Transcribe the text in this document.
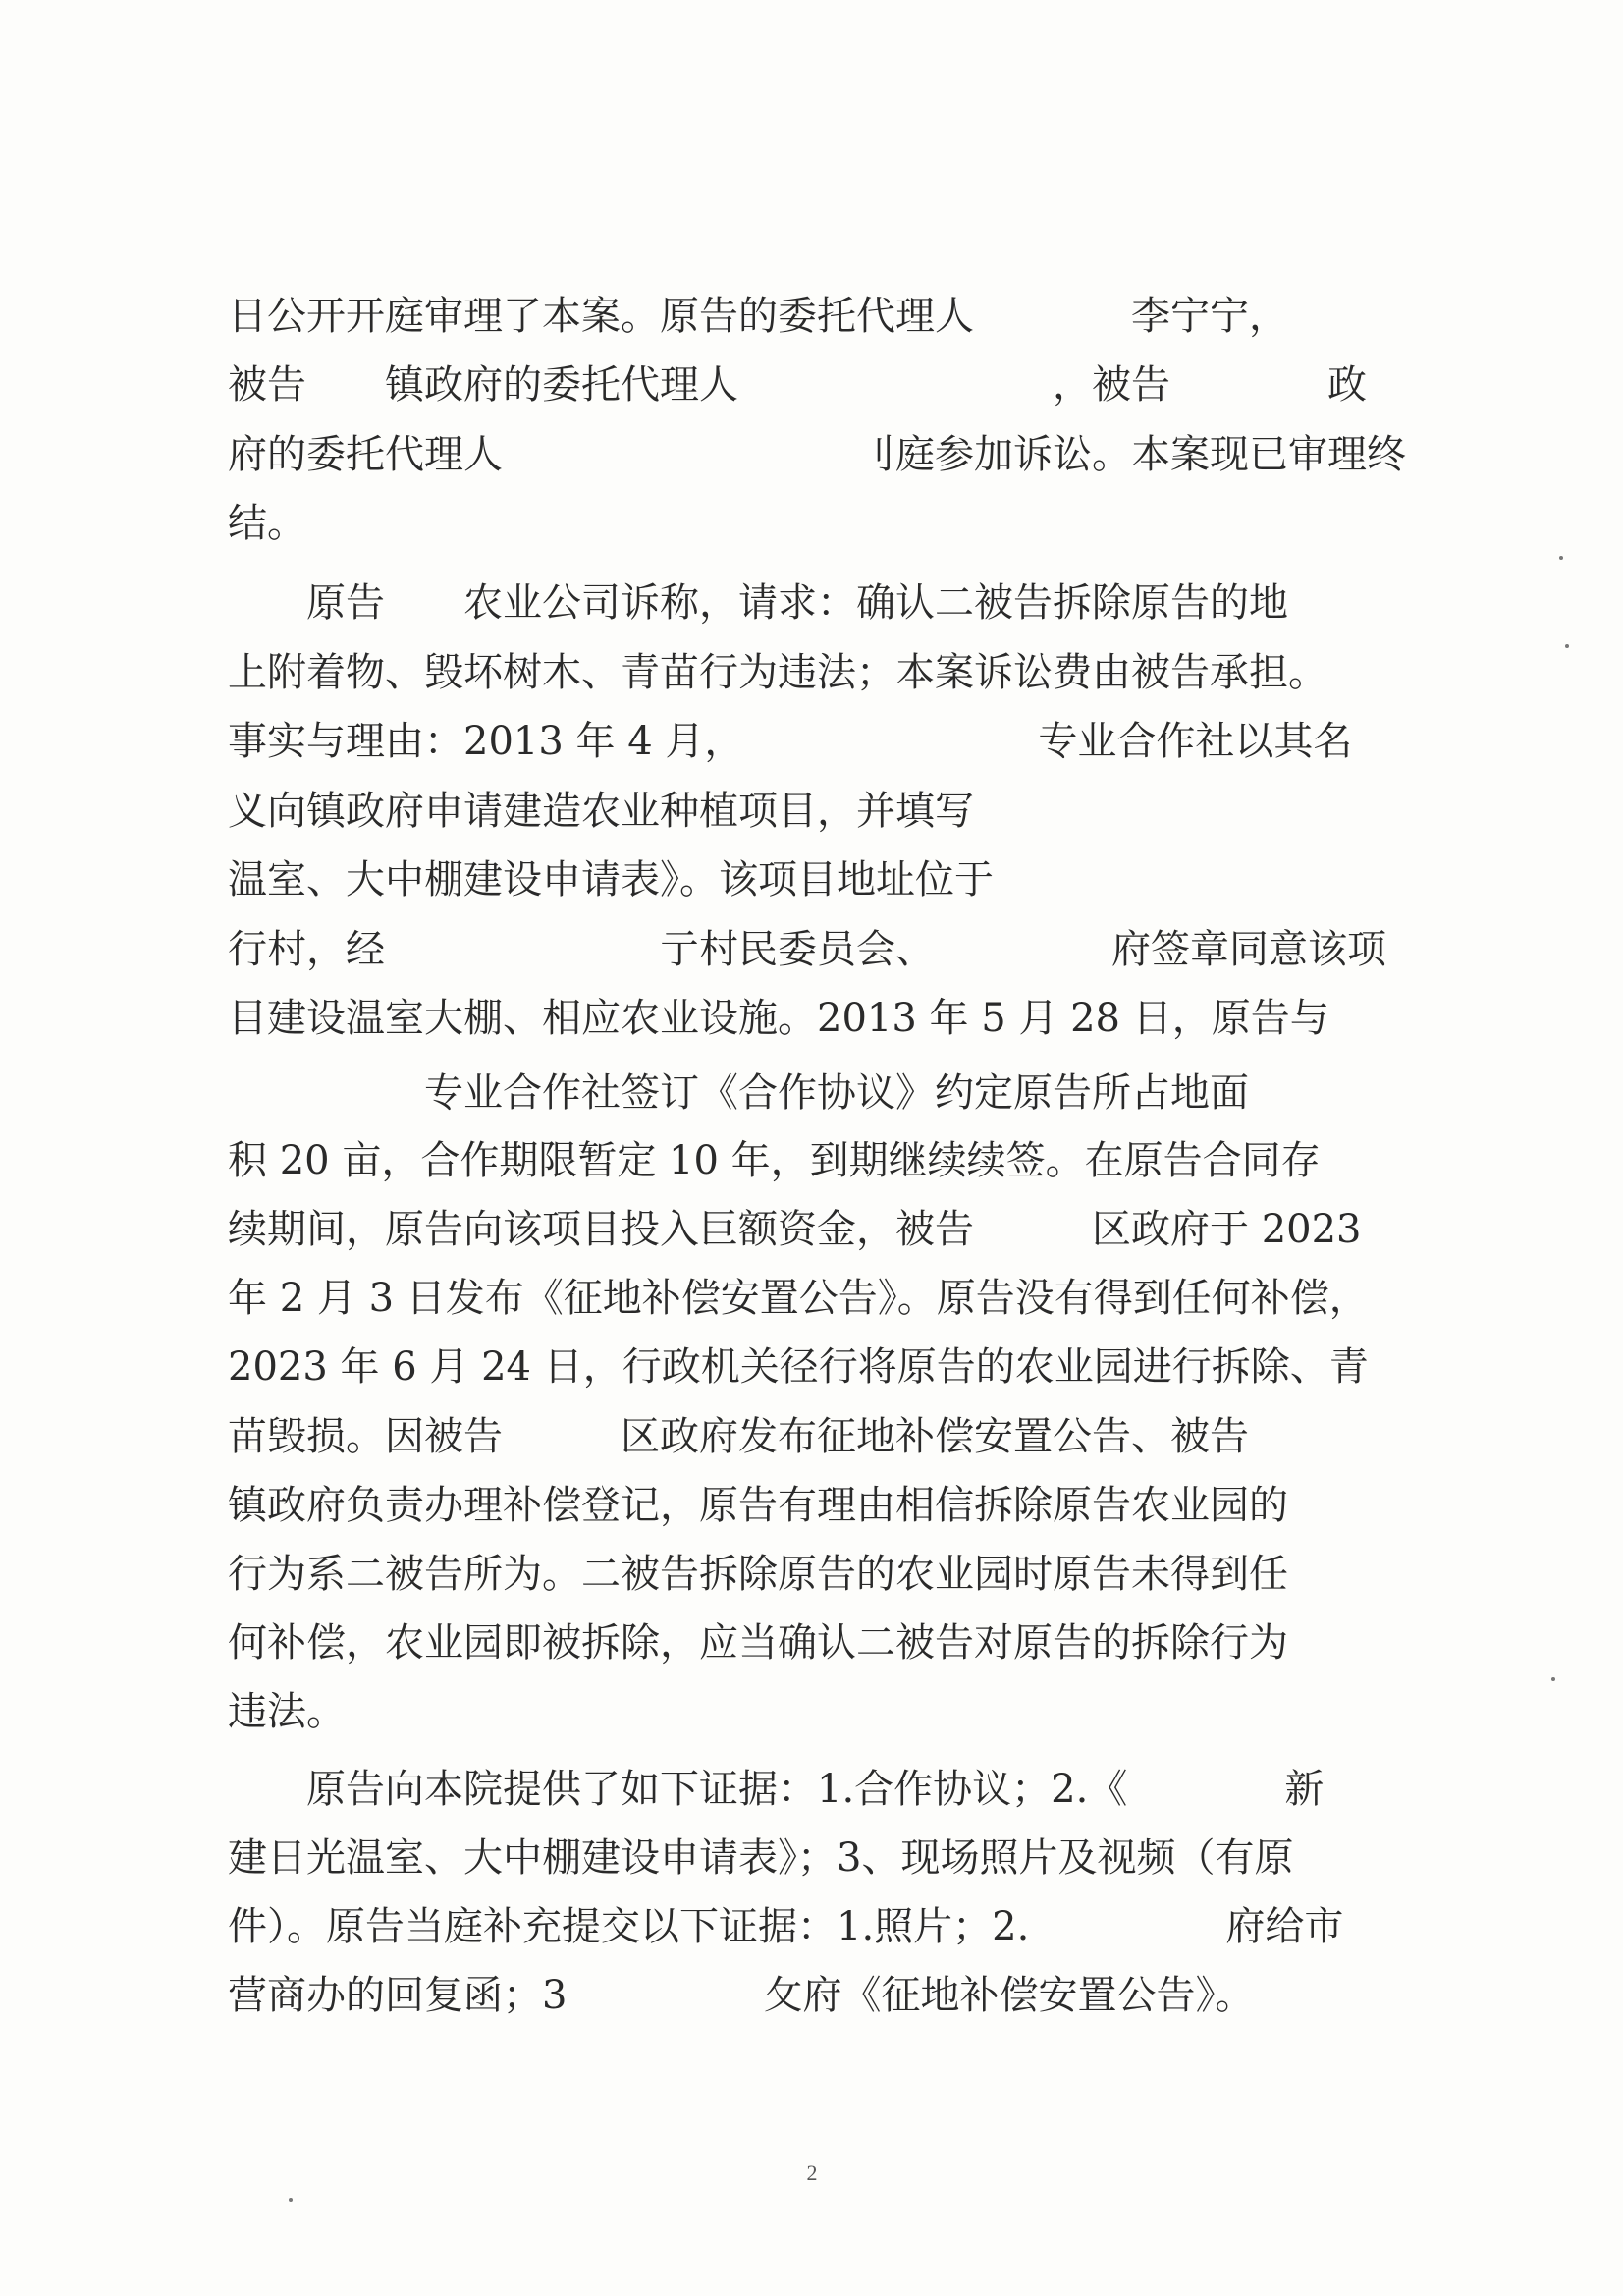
日公开开庭审理了本案。原告的委托代理人　　　　李宁宁，
被告　　镇政府的委托代理人　　　　　　　　，被告　　　　政
府的委托代理人　　　　　　　　　刂庭参加诉讼。本案现已审理终
结。
　　原告　　农业公司诉称，请求：确认二被告拆除原告的地
上附着物、毁坏树木、青苗行为违法；本案诉讼费由被告承担。
事实与理由：2013 年 4 月，　　　　　　　　专业合作社以其名
义向镇政府申请建造农业种植项目，并填写
温室、大中棚建设申请表》。该项目地址位于
行村，经　　　　　　　亍村民委员会、　　　　　府签章同意该项
目建设温室大棚、相应农业设施。2013 年 5 月 28 日，原告与
　　　　　专业合作社签订《合作协议》约定原告所占地面
积 20 亩，合作期限暂定 10 年，到期继续续签。在原告合同存
续期间，原告向该项目投入巨额资金，被告　　　区政府于 2023
年 2 月 3 日发布《征地补偿安置公告》。原告没有得到任何补偿，
2023 年 6 月 24 日，行政机关径行将原告的农业园进行拆除、青
苗毁损。因被告　　　区政府发布征地补偿安置公告、被告
镇政府负责办理补偿登记，原告有理由相信拆除原告农业园的
行为系二被告所为。二被告拆除原告的农业园时原告未得到任
何补偿，农业园即被拆除，应当确认二被告对原告的拆除行为
违法。
　　原告向本院提供了如下证据：1.合作协议；2.《　　　　新
建日光温室、大中棚建设申请表》；3、现场照片及视频（有原
件）。原告当庭补充提交以下证据：1.照片；2.　　　　　府给市
营商办的回复函；3　　　　　攵府《征地补偿安置公告》。
2
